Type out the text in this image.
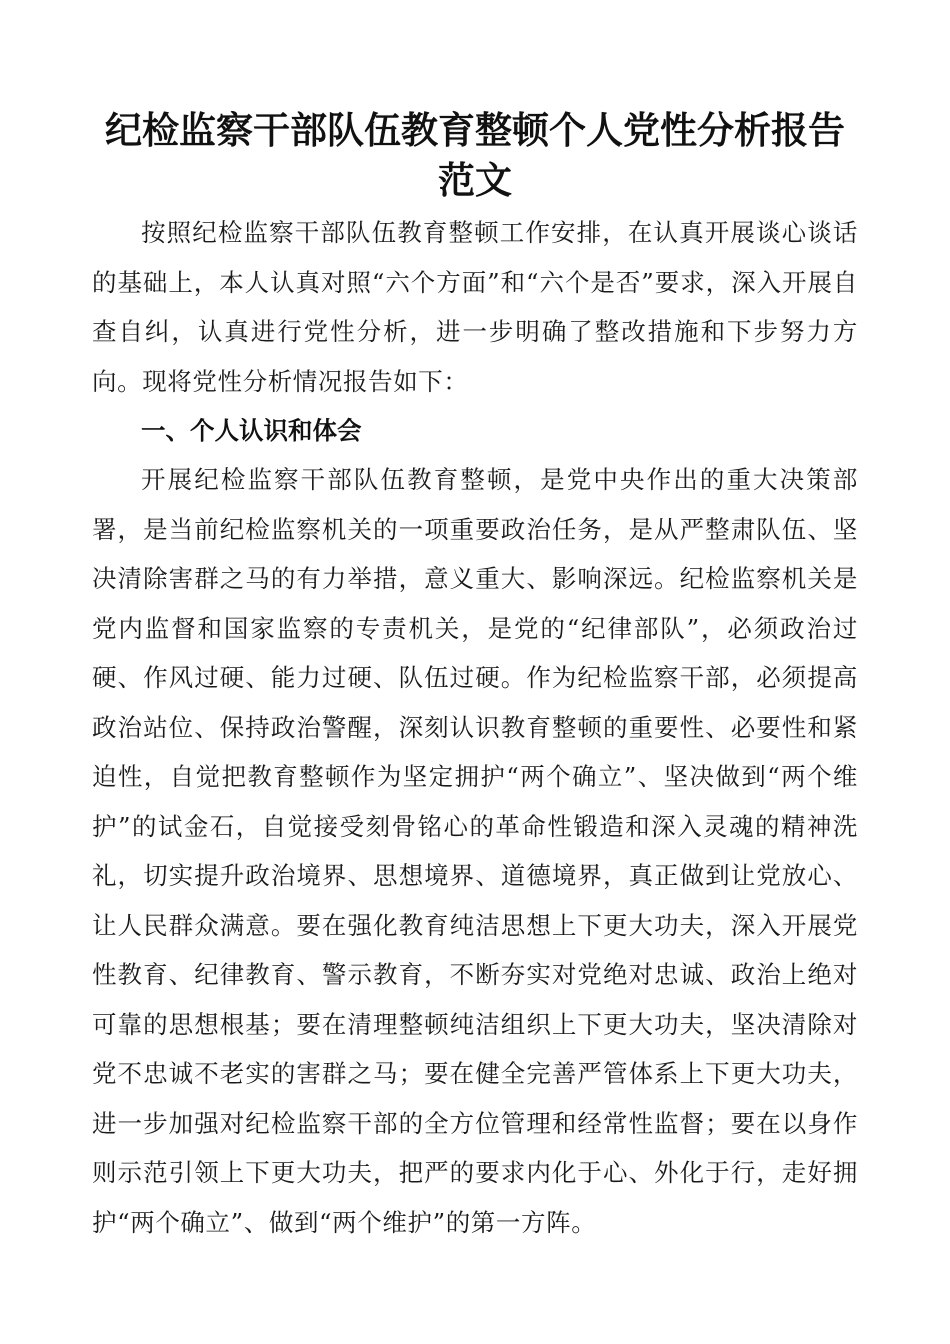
纪检监察干部队伍教育整顿个人党性分析报告范文

按照纪检监察干部队伍教育整顿工作安排，在认真开展谈心谈话的基础上，本人认真对照“六个方面”和“六个是否”要求，深入开展自查自纠，认真进行党性分析，进一步明确了整改措施和下步努力方向。现将党性分析情况报告如下：

一、个人认识和体会

开展纪检监察干部队伍教育整顿，是党中央作出的重大决策部署，是当前纪检监察机关的一项重要政治任务，是从严整肃队伍、坚决清除害群之马的有力举措，意义重大、影响深远。纪检监察机关是党内监督和国家监察的专责机关，是党的“纪律部队”，必须政治过硬、作风过硬、能力过硬、队伍过硬。作为纪检监察干部，必须提高政治站位、保持政治警醒，深刻认识教育整顿的重要性、必要性和紧迫性，自觉把教育整顿作为坚定拥护“两个确立”、坚决做到“两个维护”的试金石，自觉接受刻骨铭心的革命性锻造和深入灵魂的精神洗礼，切实提升政治境界、思想境界、道德境界，真正做到让党放心、让人民群众满意。要在强化教育纯洁思想上下更大功夫，深入开展党性教育、纪律教育、警示教育，不断夯实对党绝对忠诚、政治上绝对可靠的思想根基；要在清理整顿纯洁组织上下更大功夫，坚决清除对党不忠诚不老实的害群之马；要在健全完善严管体系上下更大功夫，进一步加强对纪检监察干部的全方位管理和经常性监督；要在以身作则示范引领上下更大功夫，把严的要求内化于心、外化于行，走好拥护“两个确立”、做到“两个维护”的第一方阵。
